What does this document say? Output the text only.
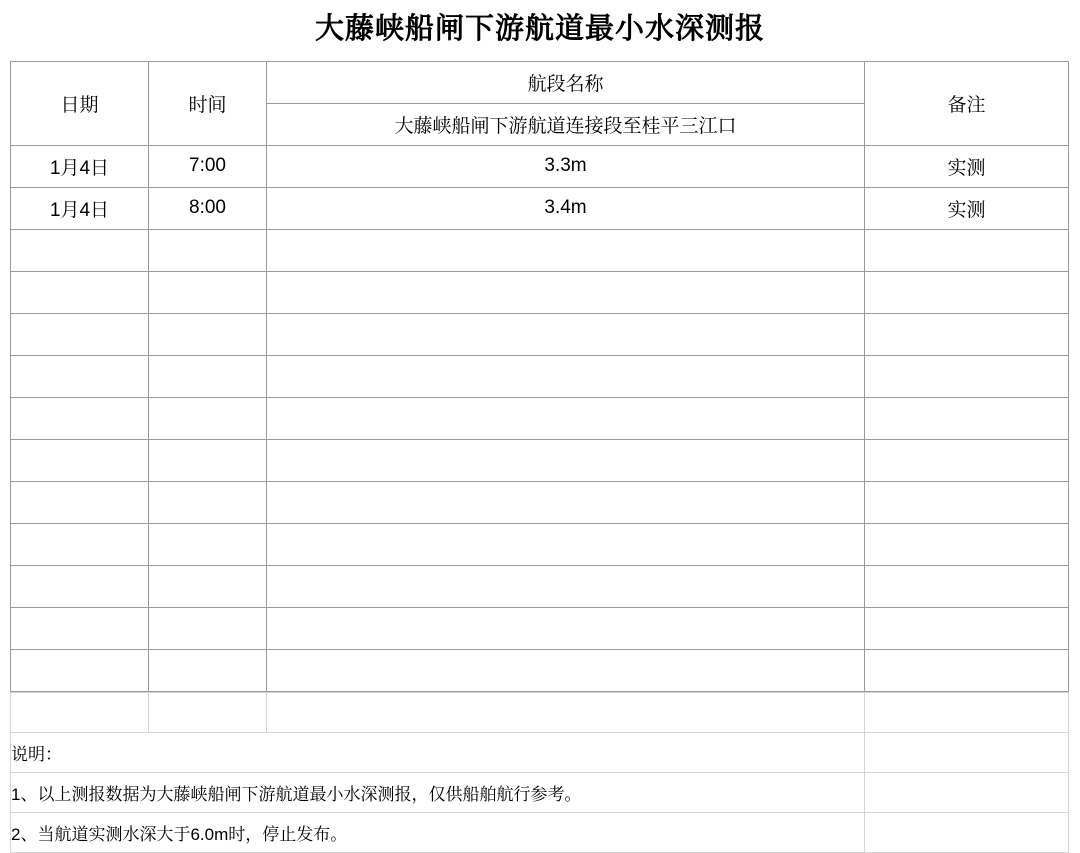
大藤峡船闸下游航道最小水深测报
日期	时间	航段名称	备注
		大藤峡船闸下游航道连接段至桂平三江口	
1月4日	7:00	3.3m	实测
1月4日	8:00	3.4m	实测

说明：			
1、以上测报数据为大藤峡船闸下游航道最小水深测报，仅供船舶航行参考。			
2、当航道实测水深大于6.0m时，停止发布。			
